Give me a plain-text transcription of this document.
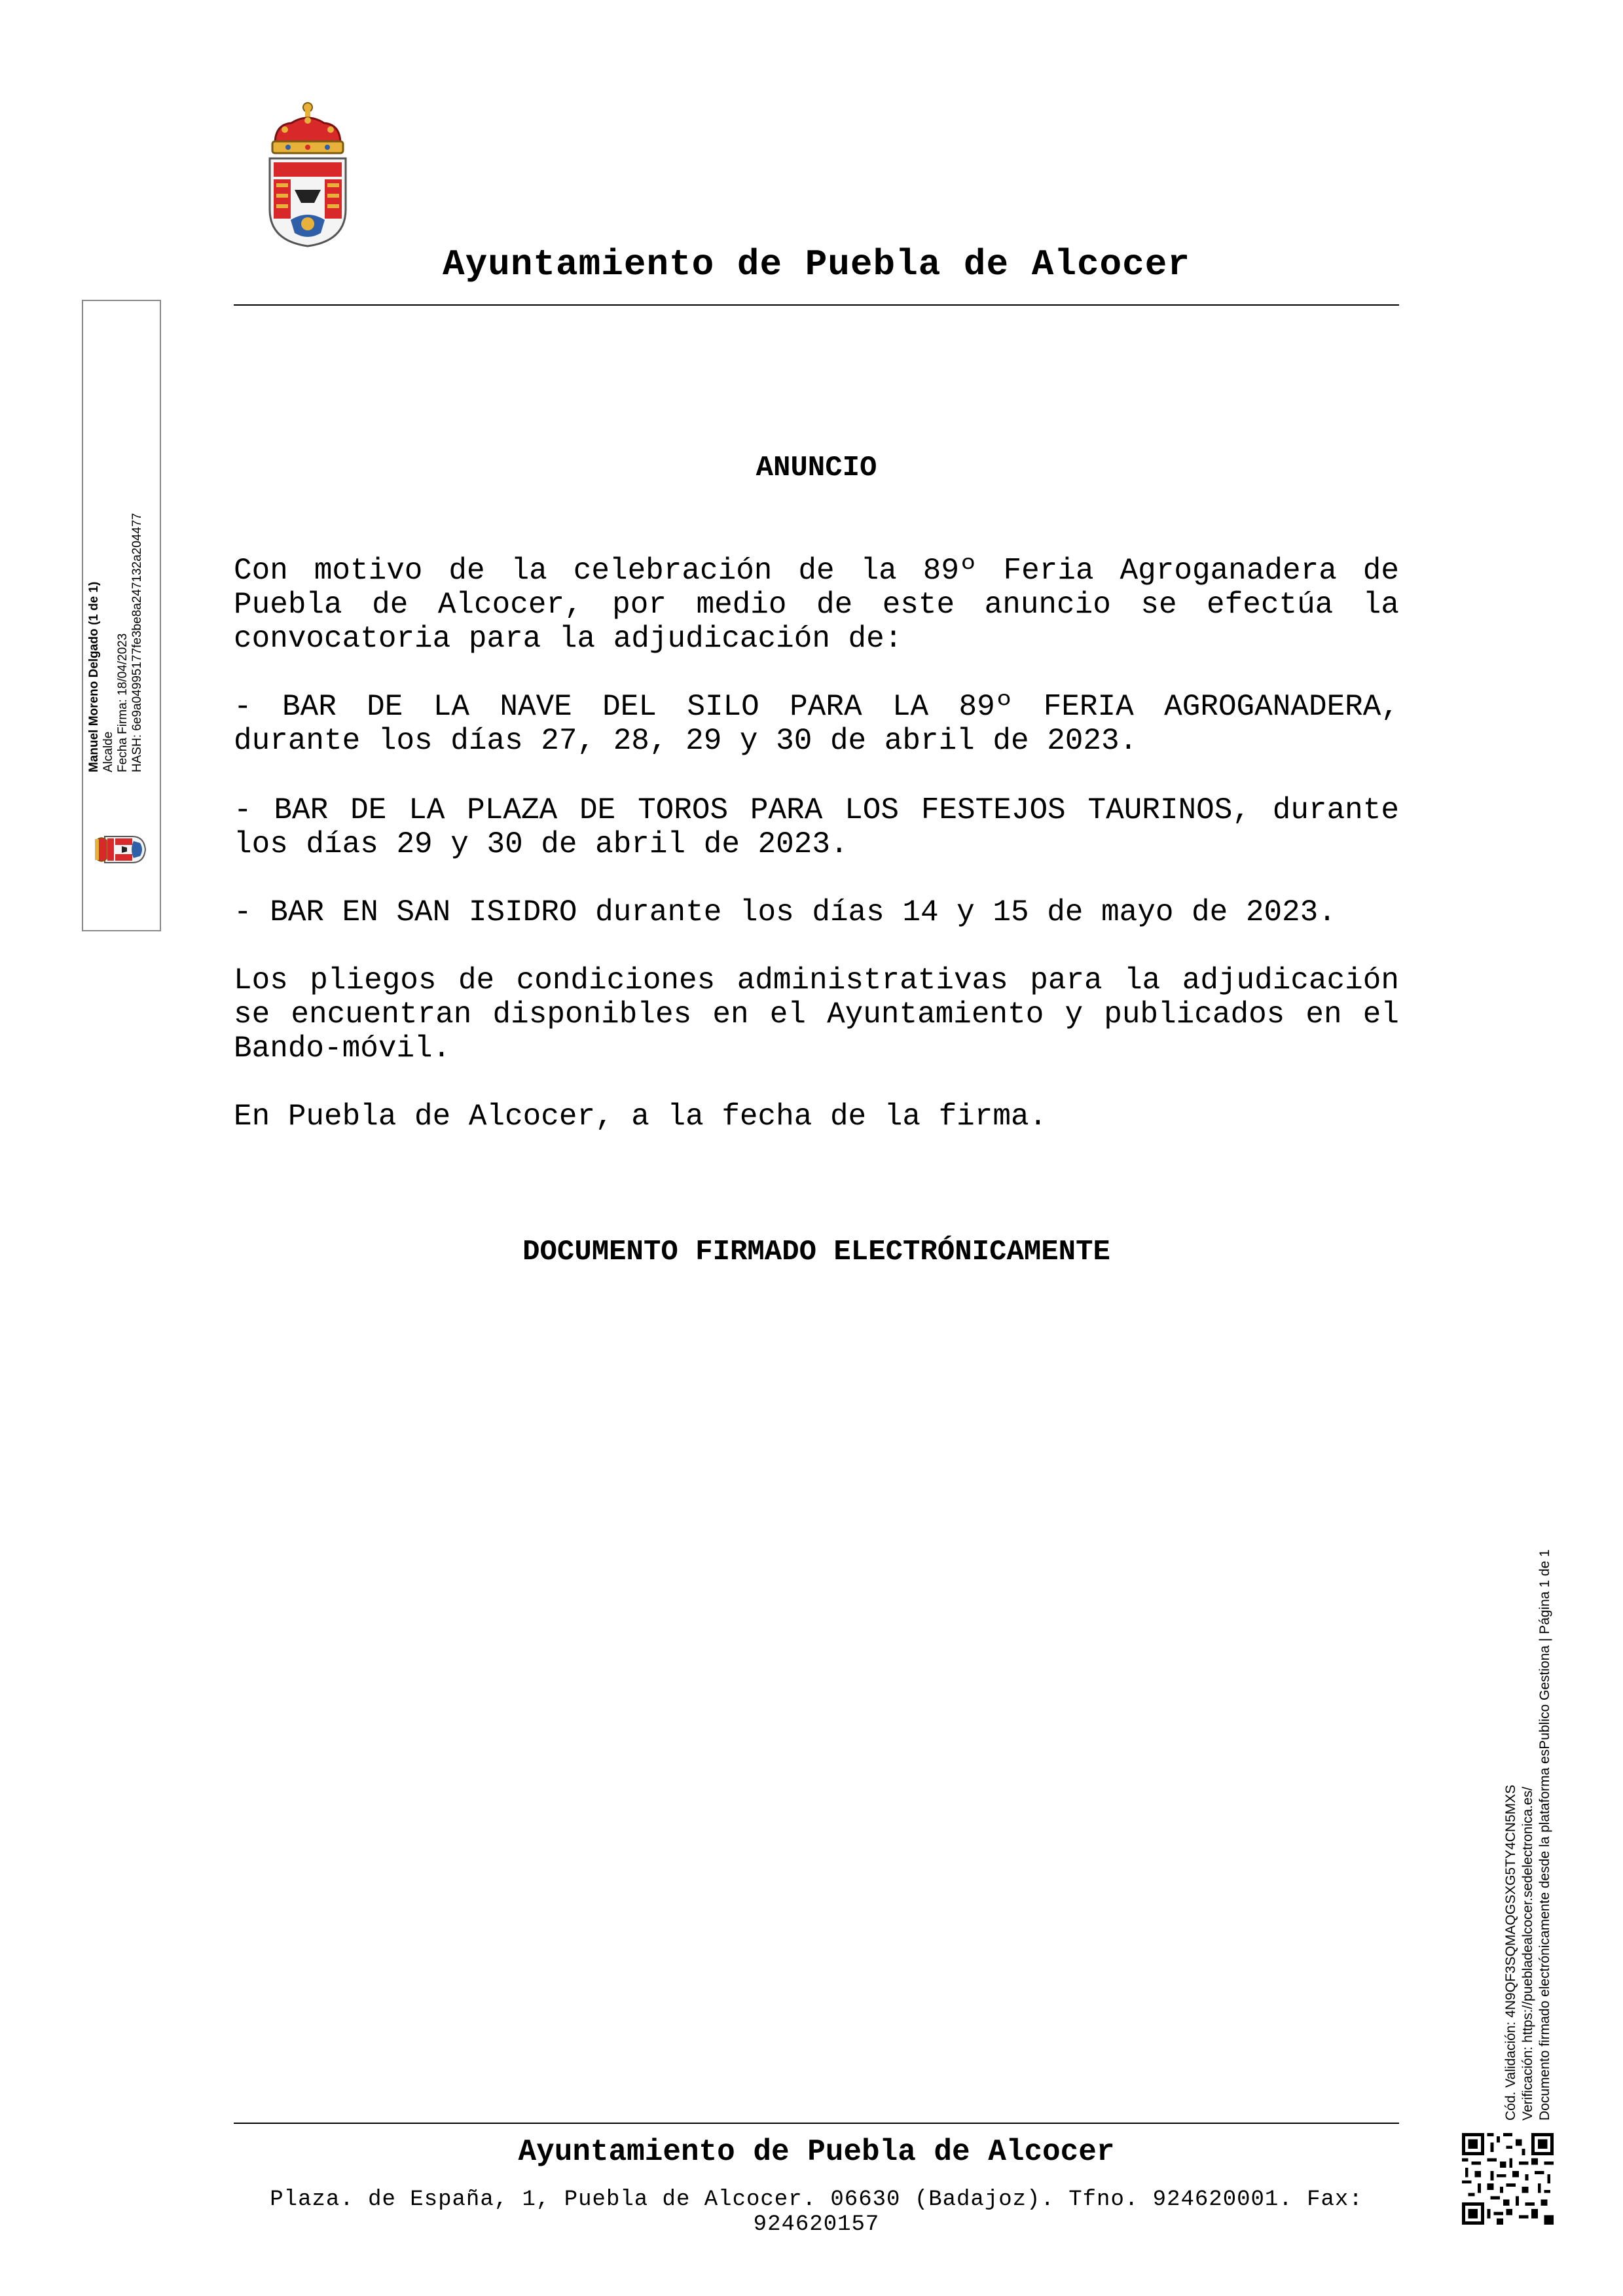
Ayuntamiento de Puebla de Alcocer
Manuel Moreno Delgado (1 de 1) Alcalde Fecha Firma: 18/04/2023 HASH: 6e9a04995177fe3be8a247132a204477
ANUNCIO

Con motivo de la celebración de la 89º Feria Agroganadera de Puebla de Alcocer, por medio de este anuncio se efectúa la convocatoria para la adjudicación de:

- BAR DE LA NAVE DEL SILO PARA LA 89º FERIA AGROGANADERA, durante los días 27, 28, 29 y 30 de abril de 2023.

- BAR DE LA PLAZA DE TOROS PARA LOS FESTEJOS TAURINOS, durante los días 29 y 30 de abril de 2023.

- BAR EN SAN ISIDRO durante los días 14 y 15 de mayo de 2023.

Los pliegos de condiciones administrativas para la adjudicación se encuentran disponibles en el Ayuntamiento y publicados en el Bando-móvil.

En Puebla de Alcocer, a la fecha de la firma.

DOCUMENTO FIRMADO ELECTRÓNICAMENTE
Cód. Validación: 4N9QF3SQMAQGSXG5TY4CN5MXS Verificación: https://puebladealcocer.sedelectronica.es/ Documento firmado electrónicamente desde la plataforma esPublico Gestiona | Página 1 de 1
Ayuntamiento de Puebla de Alcocer
Plaza. de España, 1, Puebla de Alcocer. 06630 (Badajoz). Tfno. 924620001. Fax: 924620157
